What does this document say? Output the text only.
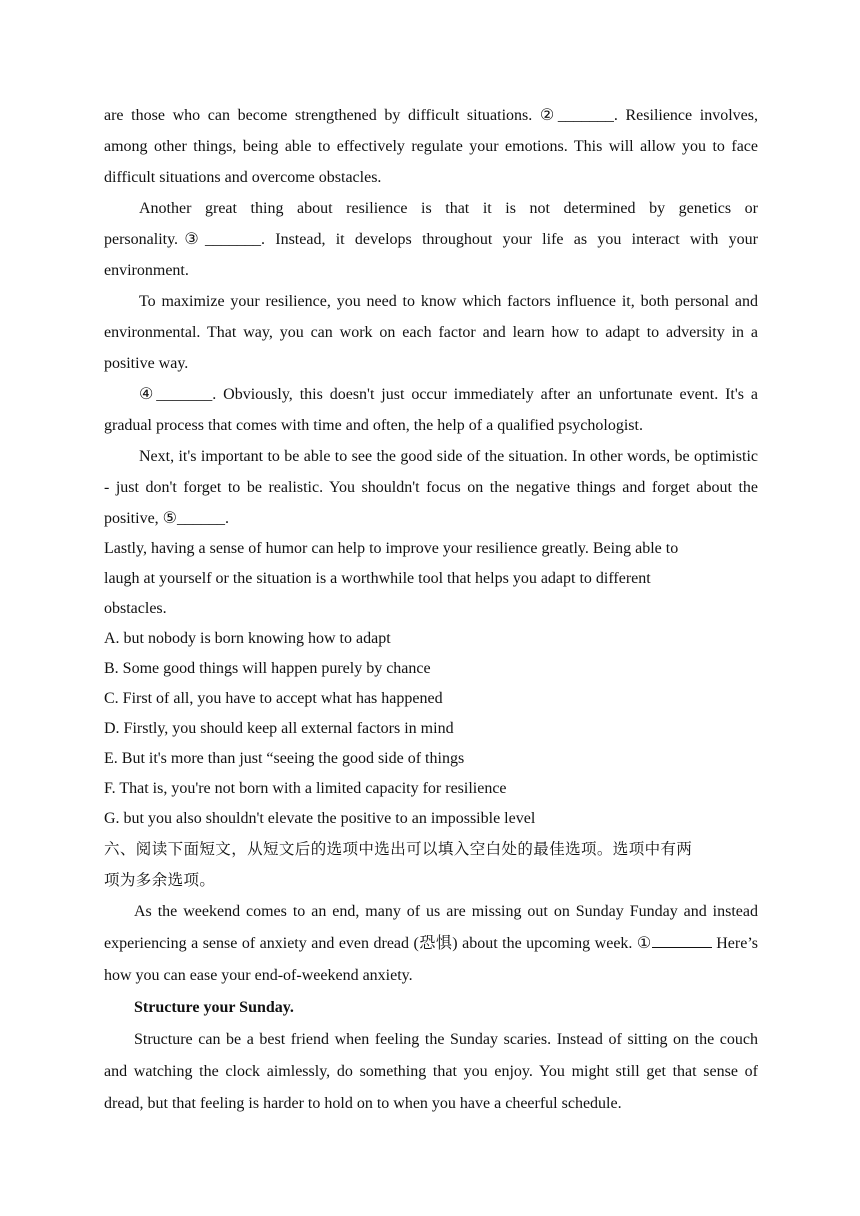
are those who can become strengthened by difficult situations. ②_______. Resilience involves, among other things, being able to effectively regulate your emotions. This will allow you to face difficult situations and overcome obstacles.

Another great thing about resilience is that it is not determined by genetics or personality.③_______. Instead, it develops throughout your life as you interact with your environment.

To maximize your resilience, you need to know which factors influence it, both personal and environmental. That way, you can work on each factor and learn how to adapt to adversity in a positive way.

④_______. Obviously, this doesn't just occur immediately after an unfortunate event. It's a gradual process that comes with time and often, the help of a qualified psychologist.

Next, it's important to be able to see the good side of the situation. In other words, be optimistic - just don't forget to be realistic. You shouldn't focus on the negative things and forget about the positive, ⑤______.

Lastly, having a sense of humor can help to improve your resilience greatly. Being able to

laugh at yourself or the situation is a worthwhile tool that helps you adapt to different

obstacles.

A. but nobody is born knowing how to adapt

B. Some good things will happen purely by chance

C. First of all, you have to accept what has happened

D. Firstly, you should keep all external factors in mind

E. But it's more than just “seeing the good side of things

F. That is, you're not born with a limited capacity for resilience

G. but you also shouldn't elevate the positive to an impossible level

六、阅读下面短文，从短文后的选项中选出可以填入空白处的最佳选项。选项中有两

项为多余选项。

As the weekend comes to an end, many of us are missing out on Sunday Funday and instead experiencing a sense of anxiety and even dread (恐惧) about the upcoming week. ①	Here’s how you can ease your end-of-weekend anxiety.

Structure your Sunday.

Structure can be a best friend when feeling the Sunday scaries. Instead of sitting on the couch and watching the clock aimlessly, do something that you enjoy. You might still get that sense of dread, but that feeling is harder to hold on to when you have a cheerful schedule.
